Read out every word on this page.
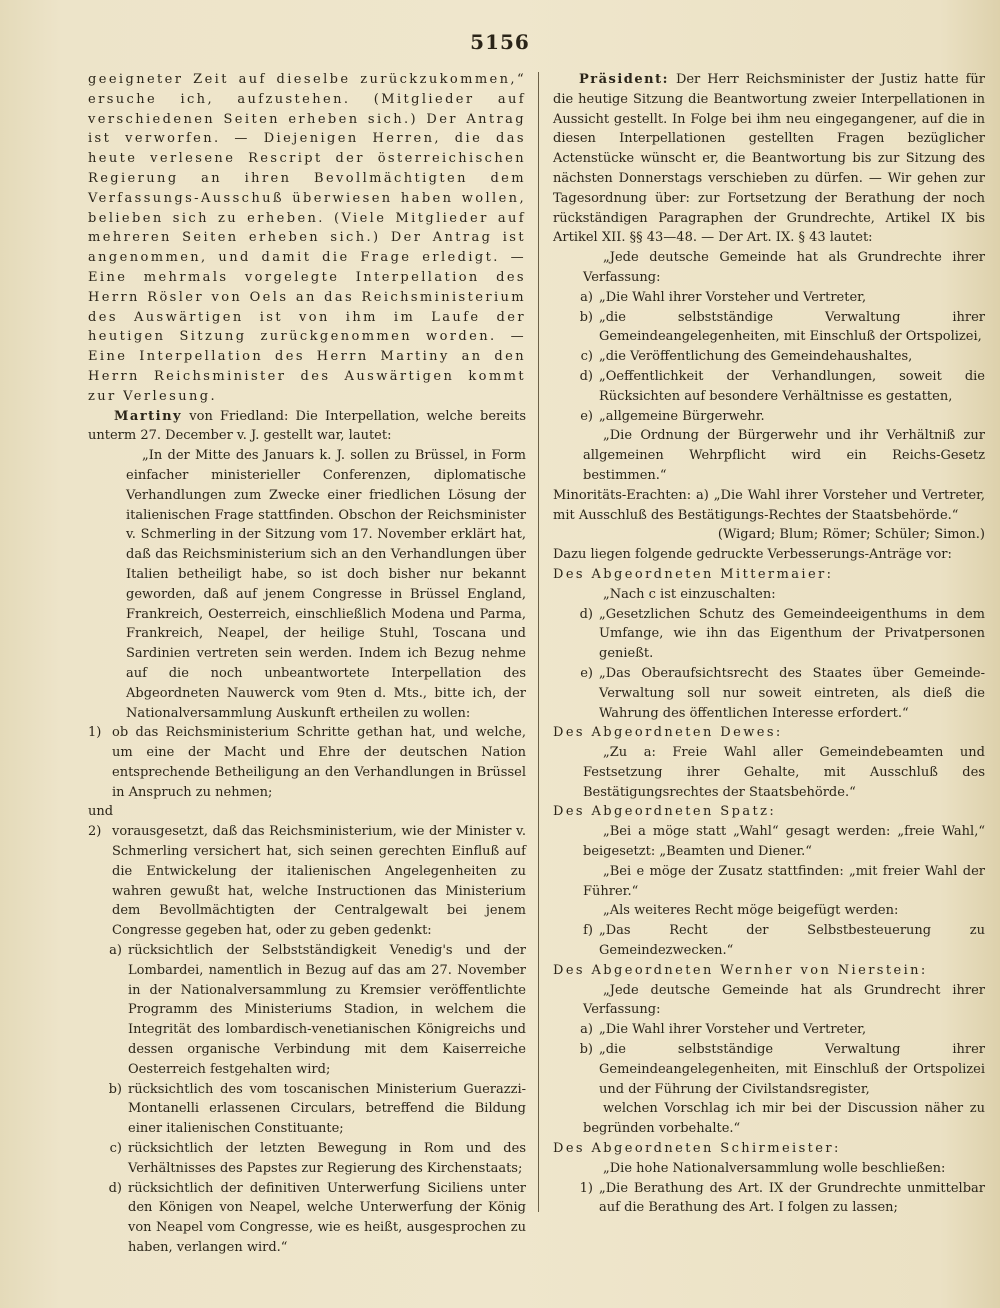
5156

geeigneter Zeit auf dieselbe zurückzukommen,“ ersuche ich, aufzustehen. (Mitglieder auf verschiedenen Seiten erheben sich.) Der Antrag ist verworfen. — Diejenigen Herren, die das heute verlesene Rescript der österreichischen Regierung an ihren Bevollmächtigten dem Verfassungs-Ausschuß überwiesen haben wollen, belieben sich zu erheben. (Viele Mitglieder auf mehreren Seiten erheben sich.) Der Antrag ist angenommen, und damit die Frage erledigt. — Eine mehrmals vorgelegte Interpellation des Herrn Rösler von Oels an das Reichsministerium des Auswärtigen ist von ihm im Laufe der heutigen Sitzung zurückgenommen worden. — Eine Interpellation des Herrn Martiny an den Herrn Reichsminister des Auswärtigen kommt zur Verlesung.

Martiny von Friedland: Die Interpellation, welche bereits unterm 27. December v. J. gestellt war, lautet:

„In der Mitte des Januars k. J. sollen zu Brüssel, in Form einfacher ministerieller Conferenzen, diplomatische Verhandlungen zum Zwecke einer friedlichen Lösung der italienischen Frage stattfinden. Obschon der Reichsminister v. Schmerling in der Sitzung vom 17. November erklärt hat, daß das Reichsministerium sich an den Verhandlungen über Italien betheiligt habe, so ist doch bisher nur bekannt geworden, daß auf jenem Congresse in Brüssel England, Frankreich, Oesterreich, einschließlich Modena und Parma, Frankreich, Neapel, der heilige Stuhl, Toscana und Sardinien vertreten sein werden. Indem ich Bezug nehme auf die noch unbeantwortete Interpellation des Abgeordneten Nauwerck vom 9ten d. Mts., bitte ich, der Nationalversammlung Auskunft ertheilen zu wollen:

1) ob das Reichsministerium Schritte gethan hat, und welche, um eine der Macht und Ehre der deutschen Nation entsprechende Betheiligung an den Verhandlungen in Brüssel in Anspruch zu nehmen;

und

2) vorausgesetzt, daß das Reichsministerium, wie der Minister v. Schmerling versichert hat, sich seinen gerechten Einfluß auf die Entwickelung der italienischen Angelegenheiten zu wahren gewußt hat, welche Instructionen das Ministerium dem Bevollmächtigten der Centralgewalt bei jenem Congresse gegeben hat, oder zu geben gedenkt:
a) rücksichtlich der Selbstständigkeit Venedig's und der Lombardei, namentlich in Bezug auf das am 27. November in der Nationalversammlung zu Kremsier veröffentlichte Programm des Ministeriums Stadion, in welchem die Integrität des lombardisch-venetianischen Königreichs und dessen organische Verbindung mit dem Kaiserreiche Oesterreich festgehalten wird;
b) rücksichtlich des vom toscanischen Ministerium Guerazzi-Montanelli erlassenen Circulars, betreffend die Bildung einer italienischen Constituante;
c) rücksichtlich der letzten Bewegung in Rom und des Verhältnisses des Papstes zur Regierung des Kirchenstaats;
d) rücksichtlich der definitiven Unterwerfung Siciliens unter den Königen von Neapel, welche Unterwerfung der König von Neapel vom Congresse, wie es heißt, ausgesprochen zu haben, verlangen wird.“

Präsident: Der Herr Reichsminister der Justiz hatte für die heutige Sitzung die Beantwortung zweier Interpellationen in Aussicht gestellt. In Folge bei ihm neu eingegangener, auf die in diesen Interpellationen gestellten Fragen bezüglicher Actenstücke wünscht er, die Beantwortung bis zur Sitzung des nächsten Donnerstags verschieben zu dürfen. — Wir gehen zur Tagesordnung über: zur Fortsetzung der Berathung der noch rückständigen Paragraphen der Grundrechte, Artikel IX bis Artikel XII. §§ 43—48. — Der Art. IX. § 43 lautet:

„Jede deutsche Gemeinde hat als Grundrechte ihrer Verfassung:

a) „Die Wahl ihrer Vorsteher und Vertreter,
b) „die selbstständige Verwaltung ihrer Gemeindeangelegenheiten, mit Einschluß der Ortspolizei,
c) „die Veröffentlichung des Gemeindehaushaltes,
d) „Oeffentlichkeit der Verhandlungen, soweit die Rücksichten auf besondere Verhältnisse es gestatten,
e) „allgemeine Bürgerwehr.

„Die Ordnung der Bürgerwehr und ihr Verhältniß zur allgemeinen Wehrpflicht wird ein Reichs-Gesetz bestimmen.“

Minoritäts-Erachten: a) „Die Wahl ihrer Vorsteher und Vertreter, mit Ausschluß des Bestätigungs-Rechtes der Staatsbehörde.“

(Wigard; Blum; Römer; Schüler; Simon.)

Dazu liegen folgende gedruckte Verbesserungs-Anträge vor:

Des Abgeordneten Mittermaier:

„Nach c ist einzuschalten:

d) „Gesetzlichen Schutz des Gemeindeeigenthums in dem Umfange, wie ihn das Eigenthum der Privatpersonen genießt.
e) „Das Oberaufsichtsrecht des Staates über Gemeinde-Verwaltung soll nur soweit eintreten, als dieß die Wahrung des öffentlichen Interesse erfordert.“

Des Abgeordneten Dewes:

„Zu a: Freie Wahl aller Gemeindebeamten und Festsetzung ihrer Gehalte, mit Ausschluß des Bestätigungsrechtes der Staatsbehörde.“

Des Abgeordneten Spatz:

„Bei a möge statt „Wahl“ gesagt werden: „freie Wahl,“ beigesetzt: „Beamten und Diener.“

„Bei e möge der Zusatz stattfinden: „mit freier Wahl der Führer.“

„Als weiteres Recht möge beigefügt werden:

f) „Das Recht der Selbstbesteuerung zu Gemeindezwecken.“

Des Abgeordneten Wernher von Nierstein:

„Jede deutsche Gemeinde hat als Grundrecht ihrer Verfassung:

a) „Die Wahl ihrer Vorsteher und Vertreter,
b) „die selbstständige Verwaltung ihrer Gemeindeangelegenheiten, mit Einschluß der Ortspolizei und der Führung der Civilstandsregister,

welchen Vorschlag ich mir bei der Discussion näher zu begründen vorbehalte.“

Des Abgeordneten Schirmeister:

„Die hohe Nationalversammlung wolle beschließen:

1) „Die Berathung des Art. IX der Grundrechte unmittelbar auf die Berathung des Art. I folgen zu lassen;
